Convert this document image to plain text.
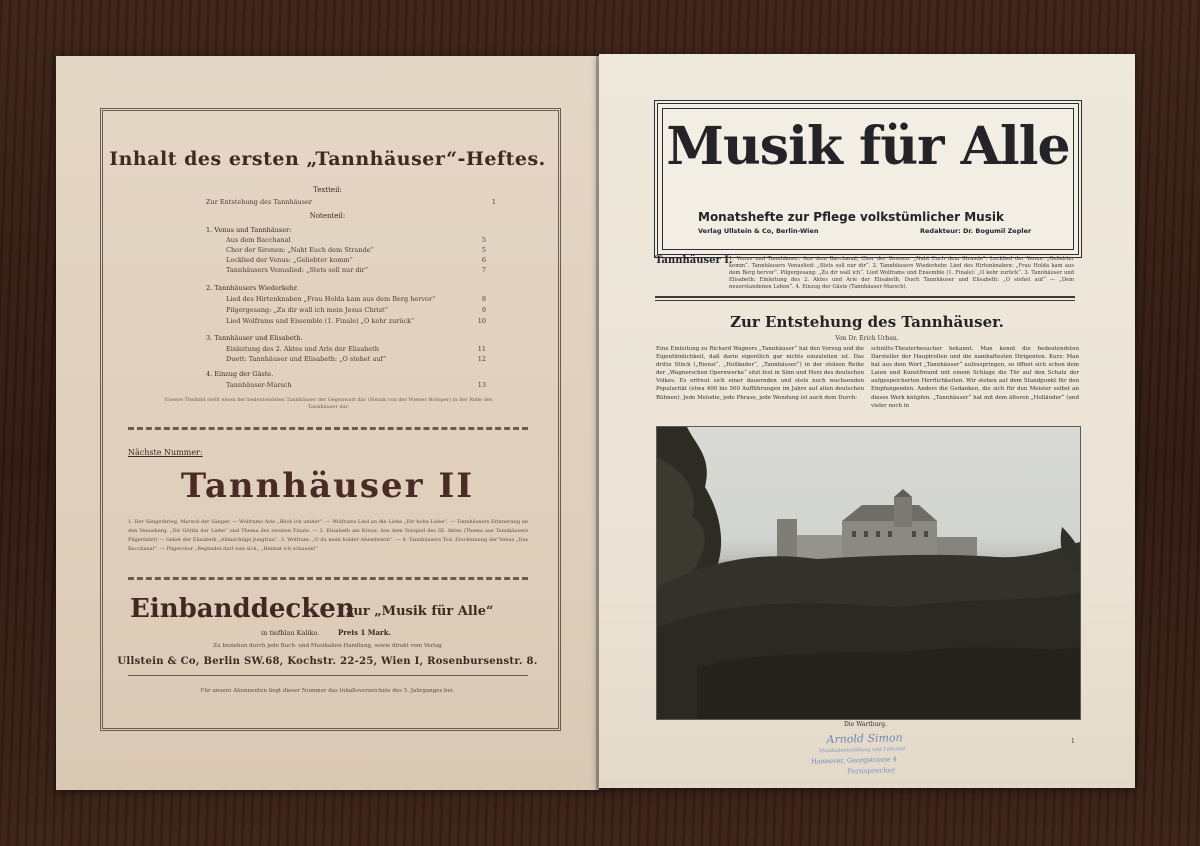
Inhalt des ersten „Tannhäuser“-Heftes.
Textteil:
Zur Entstehung des Tannhäuser	1
Notenteil:
1. Venus und Tannhäuser:
Aus dem Bacchanal	5
Chor der Sirenen: „Naht Euch dem Strande“	5
Locklied der Venus: „Geliebter komm“	6
Tannhäusers Venuslied: „Stets soll nur dir“	7
2. Tannhäusers Wiederkehr.
Lied des Hirtenknaben „Frau Holda kam aus dem Berg hervor“	8
Pilgergesang: „Zu dir wall ich mein Jesus Christ“	9
Lied Wolframs und Ensemble (1. Finale) „O kehr zurück“	10
3. Tannhäuser und Elisabeth.
Einleitung des 2. Aktes und Arie der Elisabeth	11
Duett: Tannhäuser und Elisabeth: „O stehet auf“	12
4. Einzug der Gäste.
Tannhäuser-Marsch	13
Unsere Titelbild stellt einen der bedeutendsten Tannhäuser der Gegenwart dar (Slezak von der Wiener Hofoper) in der Rolle des Tannhäuser dar.
Nächste Nummer:
Tannhäuser II
1. Der Sängerkrieg. Marsch der Sänger. — Wolframs Arie „Blick ich umher“. — Wolframs Lied an die Liebe „Dir hohe Liebe“. — Tannhäusers Erinnerung an den Venusberg. „Dir Göttin der Liebe“ und Thema des zweiten Finale. — 2. Elisabeth am Kreuz. Aus dem Vorspiel des III. Aktes (Thema aus Tannhäusers Pilgerfahrt) — Gebet der Elisabeth „Allmächtige Jungfrau“. 3. Wolfram: „O du mein holder Abendstern“. — 4. Tannhäusers Tod. Erscheinung der Venus „Das Bacchanal“. — Pilgerchor „Begnadet darf nun sich„ „Heimat ich schauen!“
Einbanddecken
zur „Musik für Alle“
in tiefblau Kaliko.	Preis 1 Mark.
Zu beziehen durch jede Buch- und Musikalien-Handlung, sowie direkt vom Verlag
Ullstein & Co, Berlin SW.68, Kochstr. 22-25, Wien I, Rosenbursenstr. 8.
Für unsere Abonnenten liegt dieser Nummer das Inhaltsverzeichnis des 5. Jahrganges bei.
Musik für Alle
Monatshefte zur Pflege volkstümlicher Musik
Verlag Ullstein & Co, Berlin-Wien	Redakteur: Dr. Bogumil Zepler
Tannhäuser I.
1. Venus und Tannhäuser: Aus dem Bacchanal, Chor der Sirenen: „Naht Euch dem Strande“. Locklied der Venus: „Geliebter komm“. Tannhäusers Venuslied: „Stets soll nur dir“. 2. Tannhäusers Wiederkehr. Lied des Hirtenknaben: „Frau Holda kam aus dem Berg hervor“. Pilgergesang: „Zu dir wall ich“. Lied Wolframs und Ensemble (1. Finale): „O kehr zurück“. 3. Tannhäuser und Elisabeth: Einleitung des 2. Aktes und Arie der Elisabeth. Duett Tannhäuser und Elisabeth: „O stehet auf“ — „Dem neuerstandenen Leben“. 4. Einzug der Gäste (Tannhäuser-Marsch).
Zur Entstehung des Tannhäuser.
Von Dr. Erich Urban.
Eine Einleitung zu Richard Wagners „Tannhäuser“ hat den Vorzug und die Eigentümlichkeit, daß darin eigentlich gar nichts einzuleiten ist. Das dritte Stück („Rienzi“, „Holländer“, „Tannhäuser“) in der stolzen Reihe der „Wagnerschen Opernwerke“ sitzt fest in Sinn und Herz des deutschen Volkes. Es erfreut sich einer dauernden und stets noch wachsenden Popularität (etwa 400 bis 500 Aufführungen im Jahre auf allen deutschen Bühnen). Jede Melodie, jede Phrase, jede Wendung ist auch dem Durch-
schnitts-Theaterbesucher bekannt. Man kennt die bedeutendsten Darsteller der Hauptrollen und die namhaftesten Dirigenten. Kurz: Man hat aus dem Wort „Tannhäuser“ aufzuspringen, so öffnet sich schon dem Laien und Kunstfreund mit einem Schlage die Tür auf den Schatz der aufgespeicherten Herrlichkeiten. Wir stehen auf dem Standpunkt für den Empfangenden. Anders die Gedanken, die sich für den Meister selbst an dieses Werk knüpfen. „Tannhäuser“ hat mit dem älteren „Holländer“ (und vieler noch in
Die Wartburg.
1
Arnold Simon
Musikalienhandlung und Leihanst.
Hannover, Georgstrasse 4
Fernsprecher
